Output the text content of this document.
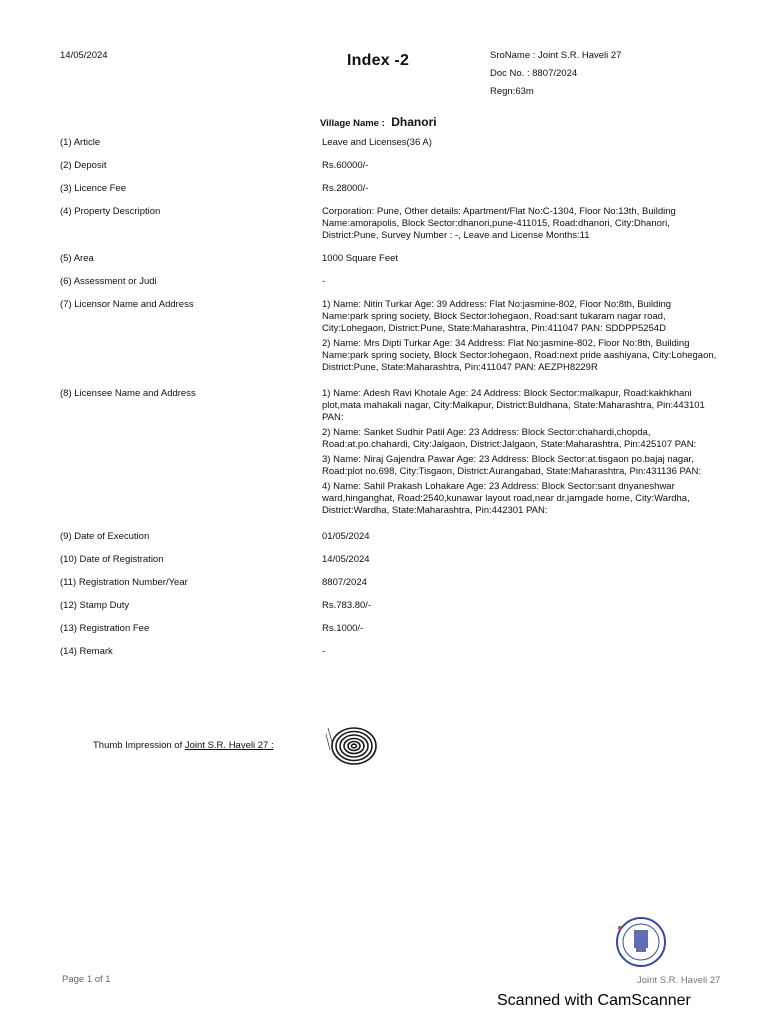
14/05/2024	Index -2	SroName : Joint S.R. Haveli 27
Doc No. : 8807/2024
Regn:63m
Village Name : Dhanori
(1) Article	Leave and Licenses(36 A)
(2) Deposit	Rs.60000/-
(3) Licence Fee	Rs.28000/-
(4) Property Description	Corporation: Pune, Other details: Apartment/Flat No:C-1304, Floor No:13th, Building Name:amorapolis, Block Sector:dhanori,pune-411015, Road:dhanori, City:Dhanori, District:Pune, Survey Number : -, Leave and License Months:11
(5) Area	1000 Square Feet
(6) Assessment or Judi	-
(7) Licensor Name and Address	1) Name: Nitin Turkar Age: 39 Address: Flat No:jasmine-802, Floor No:8th, Building Name:park spring society, Block Sector:lohegaon, Road:sant tukaram nagar road, City:Lohegaon, District:Pune, State:Maharashtra, Pin:411047 PAN: SDDPP5254D
2) Name: Mrs Dipti Turkar Age: 34 Address: Flat No:jasmine-802, Floor No:8th, Building Name:park spring society, Block Sector:lohegaon, Road:next pride aashiyana, City:Lohegaon, District:Pune, State:Maharashtra, Pin:411047 PAN: AEZPH8229R
(8) Licensee Name and Address	1) Name: Adesh Ravi Khotale Age: 24 Address: Block Sector:malkapur, Road:kakhkhani plot,mata mahakali nagar, City:Malkapur, District:Buldhana, State:Maharashtra, Pin:443101 PAN:
2) Name: Sanket Sudhir Patil Age: 23 Address: Block Sector:chahardi,chopda, Road:at.po.chahardi, City:Jalgaon, District:Jalgaon, State:Maharashtra, Pin:425107 PAN:
3) Name: Niraj Gajendra Pawar Age: 23 Address: Block Sector:at.tisgaon po.bajaj nagar, Road:plot no.698, City:Tisgaon, District:Aurangabad, State:Maharashtra, Pin:431136 PAN:
4) Name: Sahil Prakash Lohakare Age: 23 Address: Block Sector:sant dnyaneshwar ward,hinganghat, Road:2540,kunawar layout road,near dr.jamgade home, City:Wardha, District:Wardha, State:Maharashtra, Pin:442301 PAN:
(9) Date of Execution	01/05/2024
(10) Date of Registration	14/05/2024
(11) Registration Number/Year	8807/2024
(12) Stamp Duty	Rs.783.80/-
(13) Registration Fee	Rs.1000/-
(14) Remark	-
Thumb Impression of Joint S.R. Haveli 27 :
Joint S.R. Haveli 27
Page 1 of 1
Scanned with CamScanner
